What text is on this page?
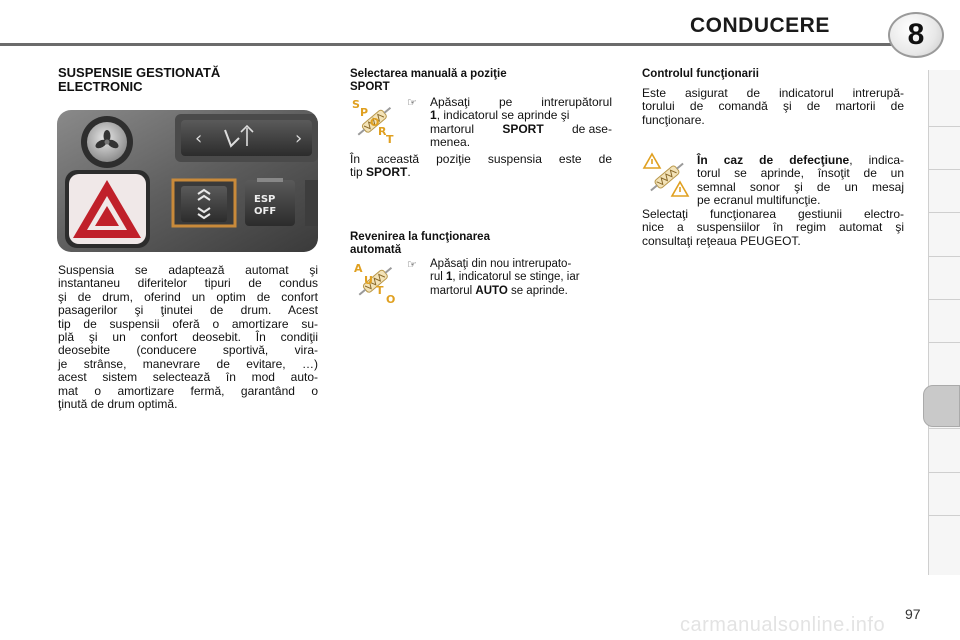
CONDUCERE	8
SUSPENSIE GESTIONATĂ
ELECTRONIC
‹	›
ESP
OFF
Suspensia se adaptează automat şi
instantaneu diferitelor tipuri de condus
şi de drum, oferind un optim de confort
pasagerilor şi ţinutei de drum. Acest
tip de suspensii oferă o amortizare su-
plă şi un confort deosebit. În condiţii
deosebite (conducere sportivă, vira-
je strânse, manevrare de evitare, …)
acest sistem selectează în mod auto-
mat o amortizare fermă, garantând o
ţinută de drum optimă.
Selectarea manuală a poziţie
SPORT
S
P
O
R
T
☞ Apăsaţi pe intrerupătorul
1, indicatorul se aprinde şi
martorul SPORT de ase-
menea.
În această poziţie suspensia este de
tip SPORT.
Revenirea la funcţionarea
automată
A
U
T
O
☞ Apăsaţi din nou intrerupato-
rul 1, indicatorul se stinge, iar
martorul AUTO se aprinde.
Controlul funcţionarii
Este asigurat de indicatorul intrerupă-
torului de comandă şi de martorii de
funcţionare.
În caz de defecţiune, indica-
torul se aprinde, însoţit de un
semnal sonor şi de un mesaj
pe ecranul multifuncţie.
Selectaţi funcţionarea gestiunii electro-
nice a suspensiilor în regim automat şi
consultaţi reţeaua PEUGEOT.
97
carmanualsonline.info
